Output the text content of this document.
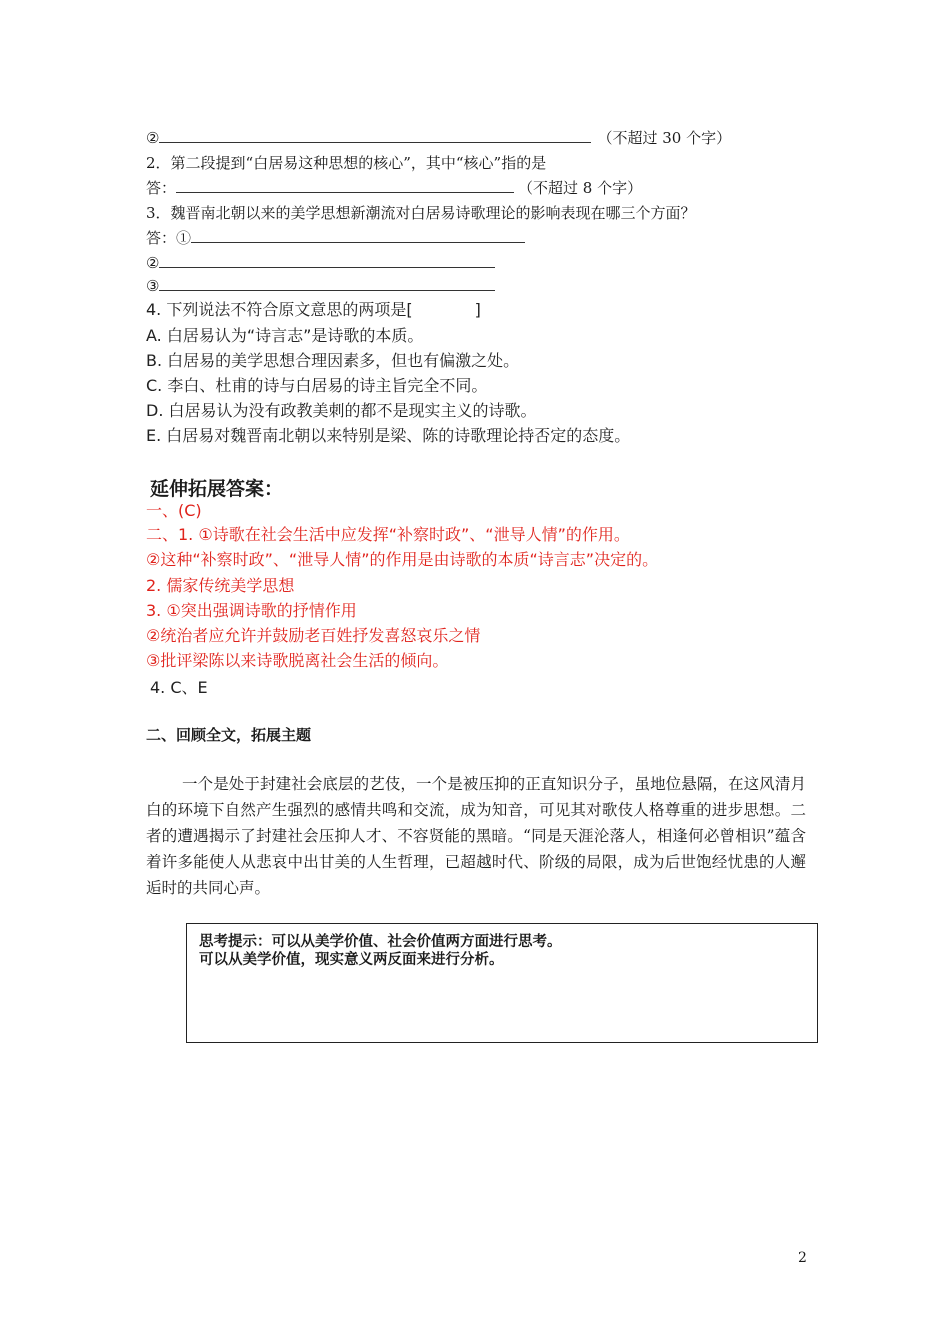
②	（不超过 30 个字）
2．第二段提到“白居易这种思想的核心”，其中“核心”指的是
答：	（不超过 8 个字）
3．魏晋南北朝以来的美学思想新潮流对白居易诗歌理论的影响表现在哪三个方面？
答：①
②
③
4. 下列说法不符合原文意思的两项是[	]
A. 白居易认为“诗言志”是诗歌的本质。
B. 白居易的美学思想合理因素多，但也有偏激之处。
C. 李白、杜甫的诗与白居易的诗主旨完全不同。
D. 白居易认为没有政教美刺的都不是现实主义的诗歌。
E. 白居易对魏晋南北朝以来特别是梁、陈的诗歌理论持否定的态度。
延伸拓展答案：
一、(C)
二、1. ①诗歌在社会生活中应发挥“补察时政”、“泄导人情”的作用。
②这种“补察时政”、“泄导人情”的作用是由诗歌的本质“诗言志”决定的。
2. 儒家传统美学思想
3. ①突出强调诗歌的抒情作用
②统治者应允许并鼓励老百姓抒发喜怒哀乐之情
③批评梁陈以来诗歌脱离社会生活的倾向。
4. C、E
二、回顾全文，拓展主题
一个是处于封建社会底层的艺伎，一个是被压抑的正直知识分子，虽地位悬隔，在这风清月白的环境下自然产生强烈的感情共鸣和交流，成为知音，可见其对歌伎人格尊重的进步思想。二者的遭遇揭示了封建社会压抑人才、不容贤能的黑暗。“同是天涯沦落人，相逢何必曾相识”蕴含着许多能使人从悲哀中出甘美的人生哲理，已超越时代、阶级的局限，成为后世饱经忧患的人邂逅时的共同心声。
思考提示：可以从美学价值、社会价值两方面进行思考。
可以从美学价值，现实意义两反面来进行分析。
2
